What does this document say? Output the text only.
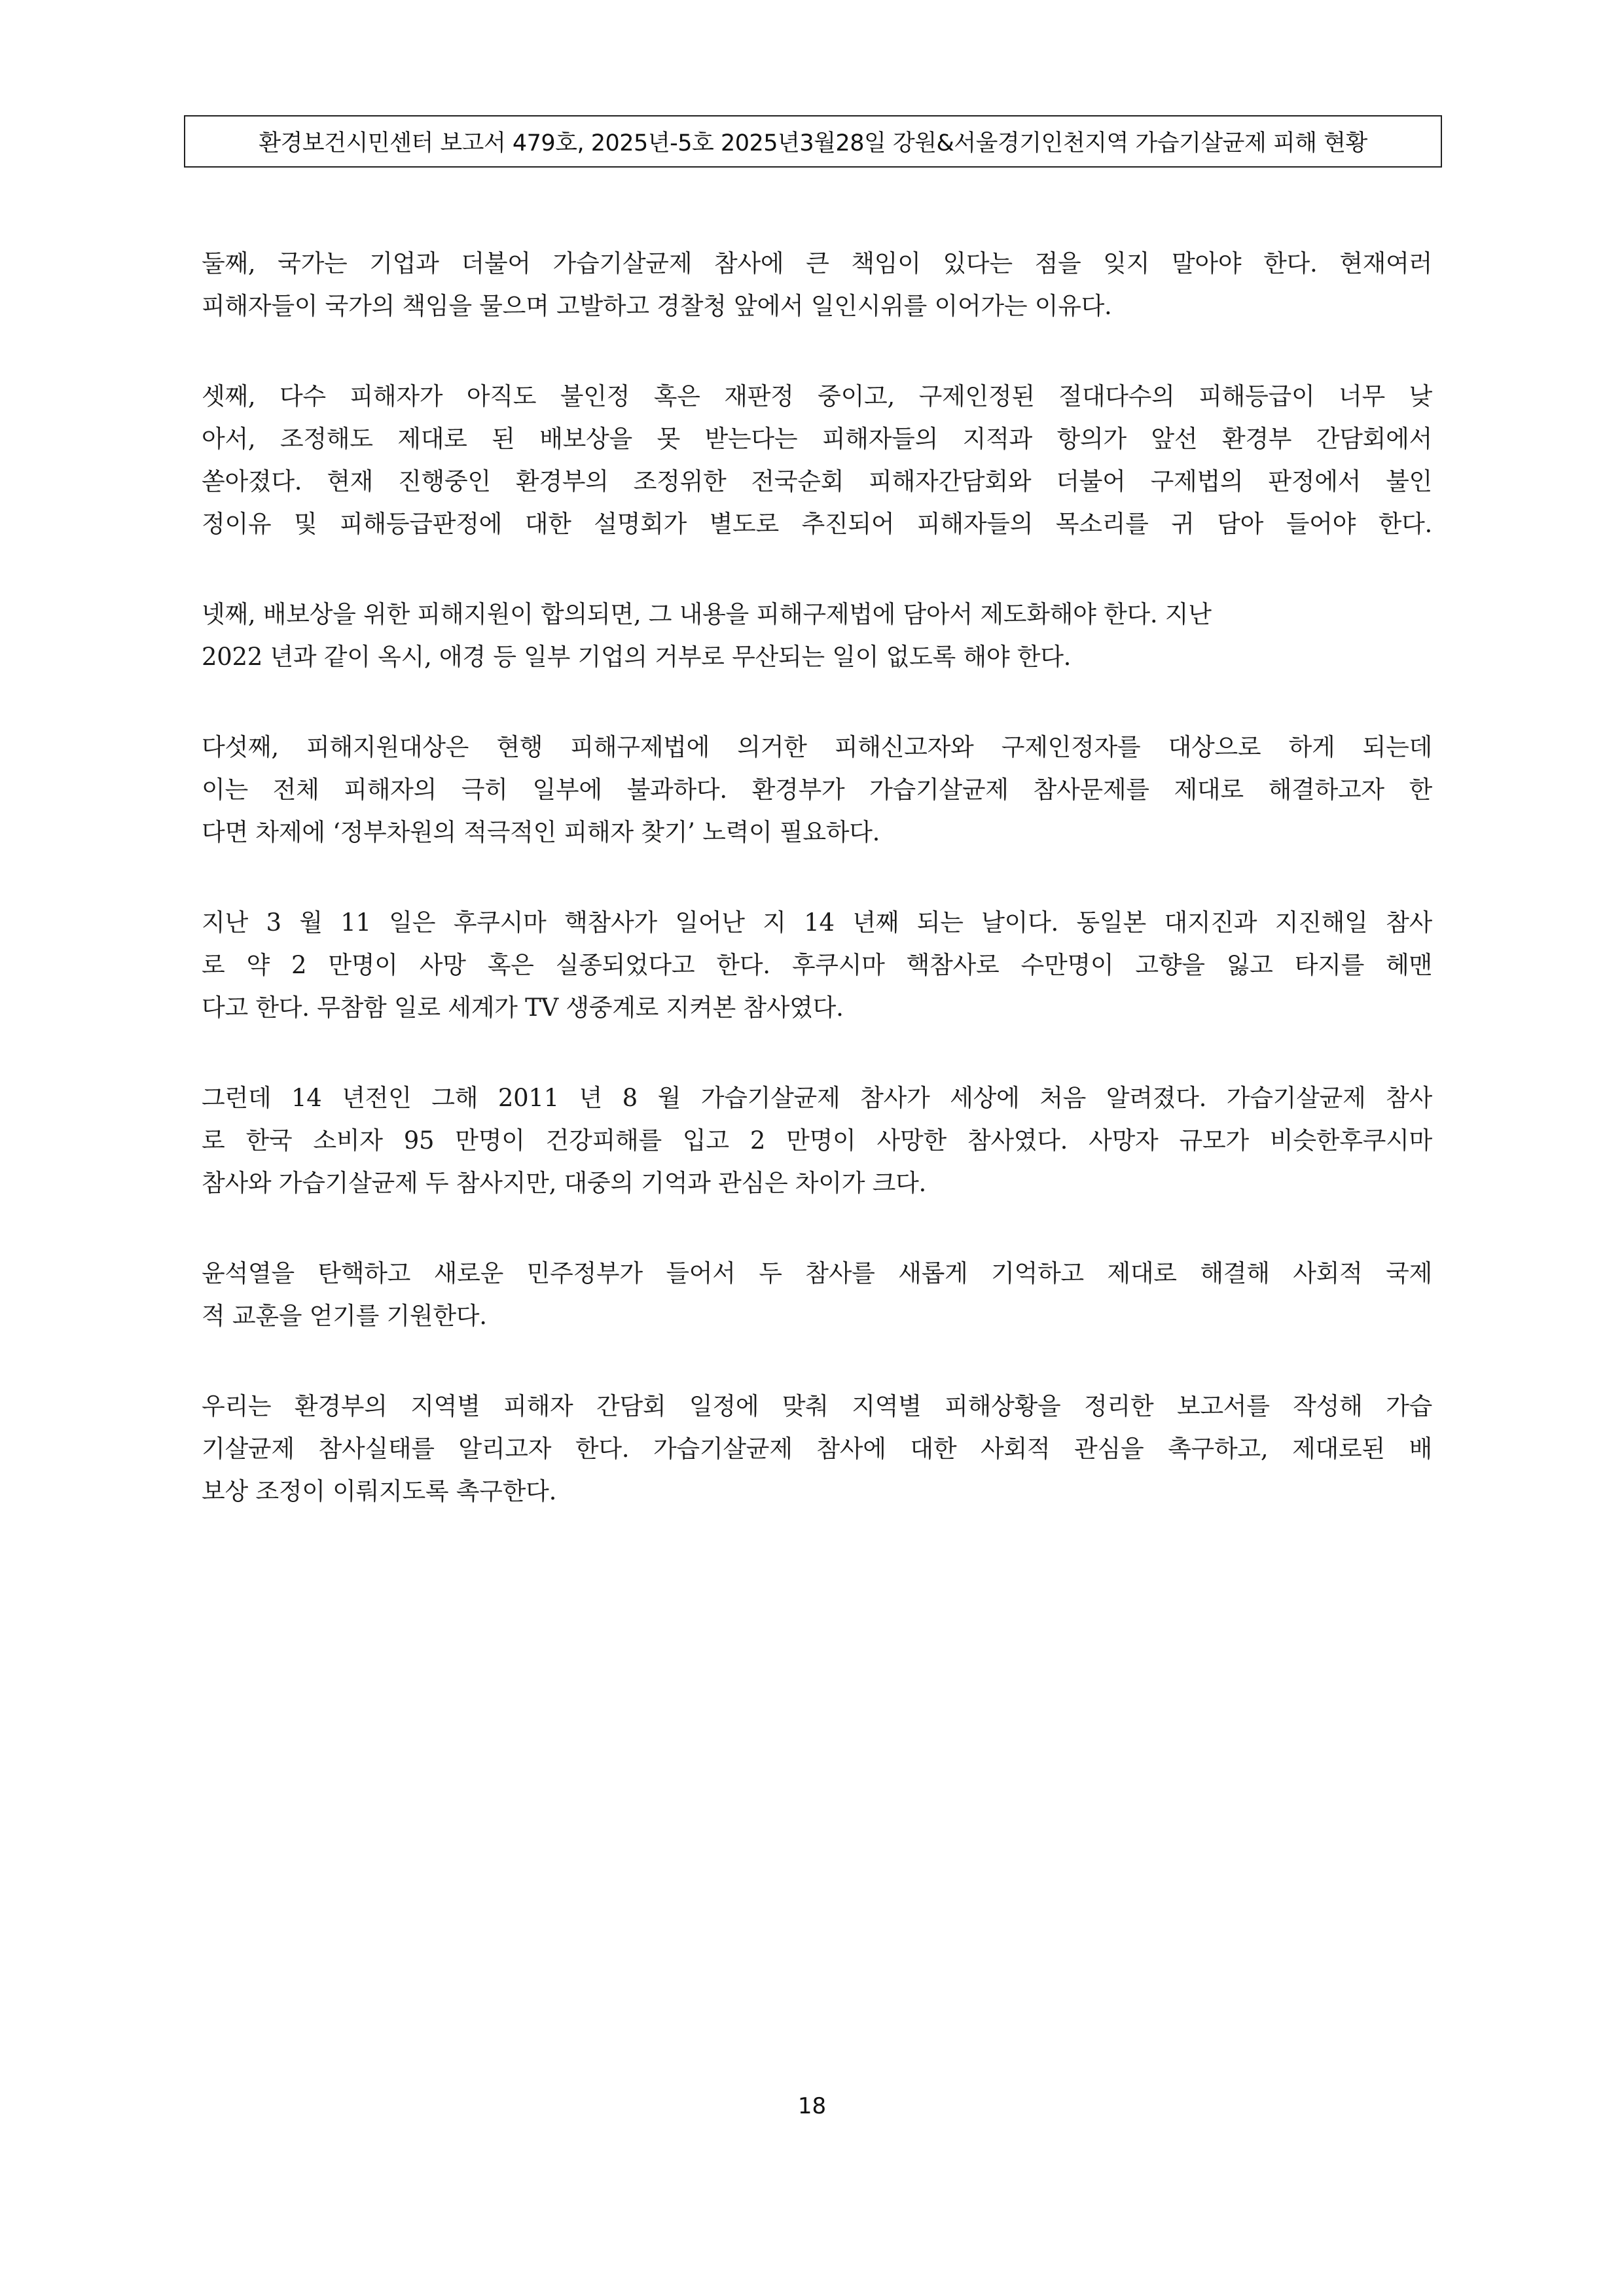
환경보건시민센터 보고서 479호, 2025년-5호 2025년3월28일 강원&서울경기인천지역 가습기살균제 피해 현황
둘째, 국가는 기업과 더불어 가습기살균제 참사에 큰 책임이 있다는 점을 잊지 말아야 한다. 현재여러
피해자들이 국가의 책임을 물으며 고발하고 경찰청 앞에서 일인시위를 이어가는 이유다.
셋째, 다수 피해자가 아직도 불인정 혹은 재판정 중이고, 구제인정된 절대다수의 피해등급이 너무 낮
아서, 조정해도 제대로 된 배보상을 못 받는다는 피해자들의 지적과 항의가 앞선 환경부 간담회에서
쏟아졌다. 현재 진행중인 환경부의 조정위한 전국순회 피해자간담회와 더불어 구제법의 판정에서 불인
정이유 및 피해등급판정에 대한 설명회가 별도로 추진되어 피해자들의 목소리를 귀 담아 들어야 한다.
넷째, 배보상을 위한 피해지원이 합의되면, 그 내용을 피해구제법에 담아서 제도화해야 한다. 지난
2022 년과 같이 옥시, 애경 등 일부 기업의 거부로 무산되는 일이 없도록 해야 한다.
다섯째, 피해지원대상은 현행 피해구제법에 의거한 피해신고자와 구제인정자를 대상으로 하게 되는데
이는 전체 피해자의 극히 일부에 불과하다. 환경부가 가습기살균제 참사문제를 제대로 해결하고자 한
다면 차제에 ‘정부차원의 적극적인 피해자 찾기’ 노력이 필요하다.
지난 3 월 11 일은 후쿠시마 핵참사가 일어난 지 14 년째 되는 날이다. 동일본 대지진과 지진해일 참사
로 약 2 만명이 사망 혹은 실종되었다고 한다. 후쿠시마 핵참사로 수만명이 고향을 잃고 타지를 헤맨
다고 한다. 무참함 일로 세계가 TV 생중계로 지켜본 참사였다.
그런데 14 년전인 그해 2011 년 8 월 가습기살균제 참사가 세상에 처음 알려졌다. 가습기살균제 참사
로 한국 소비자 95 만명이 건강피해를 입고 2 만명이 사망한 참사였다. 사망자 규모가 비슷한후쿠시마
참사와 가습기살균제 두 참사지만, 대중의 기억과 관심은 차이가 크다.
윤석열을 탄핵하고 새로운 민주정부가 들어서 두 참사를 새롭게 기억하고 제대로 해결해 사회적 국제
적 교훈을 얻기를 기원한다.
우리는 환경부의 지역별 피해자 간담회 일정에 맞춰 지역별 피해상황을 정리한 보고서를 작성해 가습
기살균제 참사실태를 알리고자 한다. 가습기살균제 참사에 대한 사회적 관심을 촉구하고, 제대로된 배
보상 조정이 이뤄지도록 촉구한다.
18
